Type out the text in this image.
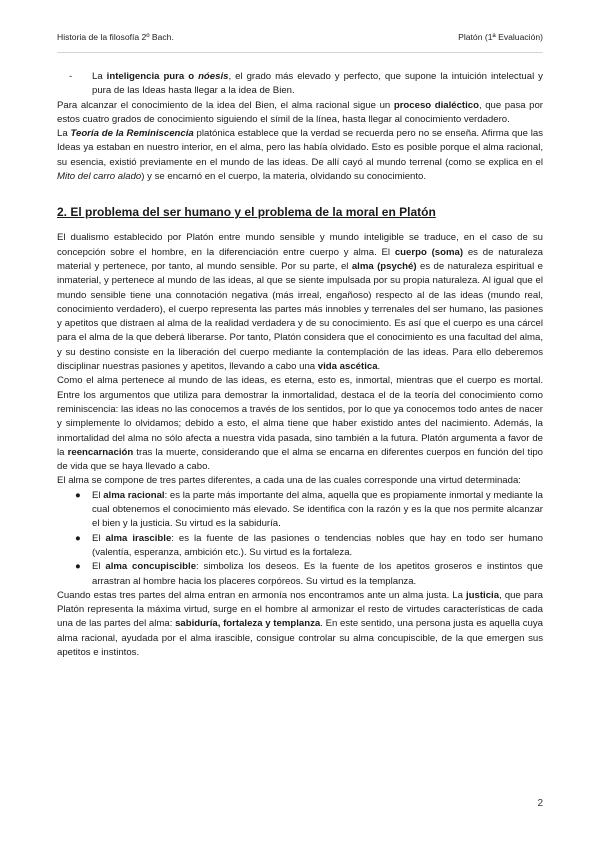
Historia de la filosofía 2º Bach.	Platón (1ª Evaluación)

- La inteligencia pura o nóesis, el grado más elevado y perfecto, que supone la intuición intelectual y pura de las Ideas hasta llegar a la idea de Bien.

Para alcanzar el conocimiento de la idea del Bien, el alma racional sigue un proceso dialéctico, que pasa por estos cuatro grados de conocimiento siguiendo el símil de la línea, hasta llegar al conocimiento verdadero.

La Teoría de la Reminiscencia platónica establece que la verdad se recuerda pero no se enseña. Afirma que las Ideas ya estaban en nuestro interior, en el alma, pero las había olvidado. Esto es posible porque el alma racional, su esencia, existió previamente en el mundo de las ideas. De allí cayó al mundo terrenal (como se explica en el Mito del carro alado) y se encarnó en el cuerpo, la materia, olvidando su conocimiento.

2. El problema del ser humano y el problema de la moral en Platón

El dualismo establecido por Platón entre mundo sensible y mundo inteligible se traduce, en el caso de su concepción sobre el hombre, en la diferenciación entre cuerpo y alma. El cuerpo (soma) es de naturaleza material y pertenece, por tanto, al mundo sensible. Por su parte, el alma (psyché) es de naturaleza espiritual e inmaterial, y pertenece al mundo de las ideas, al que se siente impulsada por su propia naturaleza. Al igual que el mundo sensible tiene una connotación negativa (más irreal, engañoso) respecto al de las ideas (mundo real, conocimiento verdadero), el cuerpo representa las partes más innobles y terrenales del ser humano, las pasiones y apetitos que distraen al alma de la realidad verdadera y de su conocimiento. Es así que el cuerpo es una cárcel para el alma de la que deberá liberarse. Por tanto, Platón considera que el conocimiento es una facultad del alma, y su destino consiste en la liberación del cuerpo mediante la contemplación de las ideas. Para ello deberemos disciplinar nuestras pasiones y apetitos, llevando a cabo una vida ascética.

Como el alma pertenece al mundo de las ideas, es eterna, esto es, inmortal, mientras que el cuerpo es mortal. Entre los argumentos que utiliza para demostrar la inmortalidad, destaca el de la teoría del conocimiento como reminiscencia: las ideas no las conocemos a través de los sentidos, por lo que ya conocemos todo antes de nacer y simplemente lo olvidamos; debido a esto, el alma tiene que haber existido antes del nacimiento. Además, la inmortalidad del alma no sólo afecta a nuestra vida pasada, sino también a la futura. Platón argumenta a favor de la reencarnación tras la muerte, considerando que el alma se encarna en diferentes cuerpos en función del tipo de vida que se haya llevado a cabo.

El alma se compone de tres partes diferentes, a cada una de las cuales corresponde una virtud determinada:

● El alma racional: es la parte más importante del alma, aquella que es propiamente inmortal y mediante la cual obtenemos el conocimiento más elevado. Se identifica con la razón y es la que nos permite alcanzar el bien y la justicia. Su virtud es la sabiduría.
● El alma irascible: es la fuente de las pasiones o tendencias nobles que hay en todo ser humano (valentía, esperanza, ambición etc.). Su virtud es la fortaleza.
● El alma concupiscible: simboliza los deseos. Es la fuente de los apetitos groseros e instintos que arrastran al hombre hacia los placeres corpóreos. Su virtud es la templanza.

Cuando estas tres partes del alma entran en armonía nos encontramos ante un alma justa. La justicia, que para Platón representa la máxima virtud, surge en el hombre al armonizar el resto de virtudes características de cada una de las partes del alma: sabiduría, fortaleza y templanza. En este sentido, una persona justa es aquella cuya alma racional, ayudada por el alma irascible, consigue controlar su alma concupiscible, de la que emergen sus apetitos e instintos.

2
